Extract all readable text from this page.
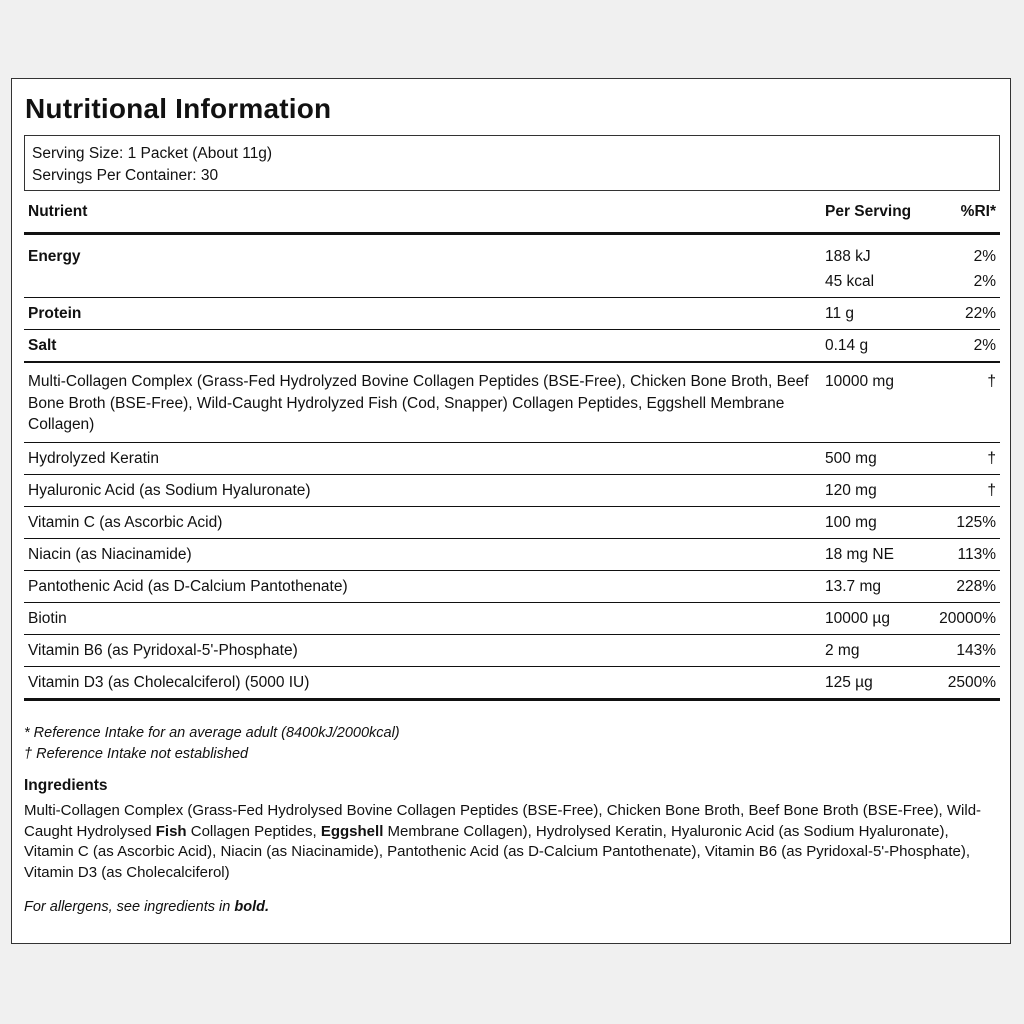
Nutritional Information
Serving Size: 1 Packet (About 11g)
Servings Per Container: 30
Nutrient	Per Serving	%RI*
Energy	188 kJ	2%
	45 kcal	2%
Protein	11 g	22%
Salt	0.14 g	2%
Multi-Collagen Complex (Grass-Fed Hydrolyzed Bovine Collagen Peptides (BSE-Free), Chicken Bone Broth, Beef Bone Broth (BSE-Free), Wild-Caught Hydrolyzed Fish (Cod, Snapper) Collagen Peptides, Eggshell Membrane Collagen)	10000 mg	†
Hydrolyzed Keratin	500 mg	†
Hyaluronic Acid (as Sodium Hyaluronate)	120 mg	†
Vitamin C (as Ascorbic Acid)	100 mg	125%
Niacin (as Niacinamide)	18 mg NE	113%
Pantothenic Acid (as D-Calcium Pantothenate)	13.7 mg	228%
Biotin	10000 µg	20000%
Vitamin B6 (as Pyridoxal-5'-Phosphate)	2 mg	143%
Vitamin D3 (as Cholecalciferol) (5000 IU)	125 µg	2500%
* Reference Intake for an average adult (8400kJ/2000kcal)
† Reference Intake not established
Ingredients
Multi-Collagen Complex (Grass-Fed Hydrolysed Bovine Collagen Peptides (BSE-Free), Chicken Bone Broth, Beef Bone Broth (BSE-Free), Wild-Caught Hydrolysed Fish Collagen Peptides, Eggshell Membrane Collagen), Hydrolysed Keratin, Hyaluronic Acid (as Sodium Hyaluronate), Vitamin C (as Ascorbic Acid), Niacin (as Niacinamide), Pantothenic Acid (as D-Calcium Pantothenate), Vitamin B6 (as Pyridoxal-5'-Phosphate), Vitamin D3 (as Cholecalciferol)
For allergens, see ingredients in bold.
